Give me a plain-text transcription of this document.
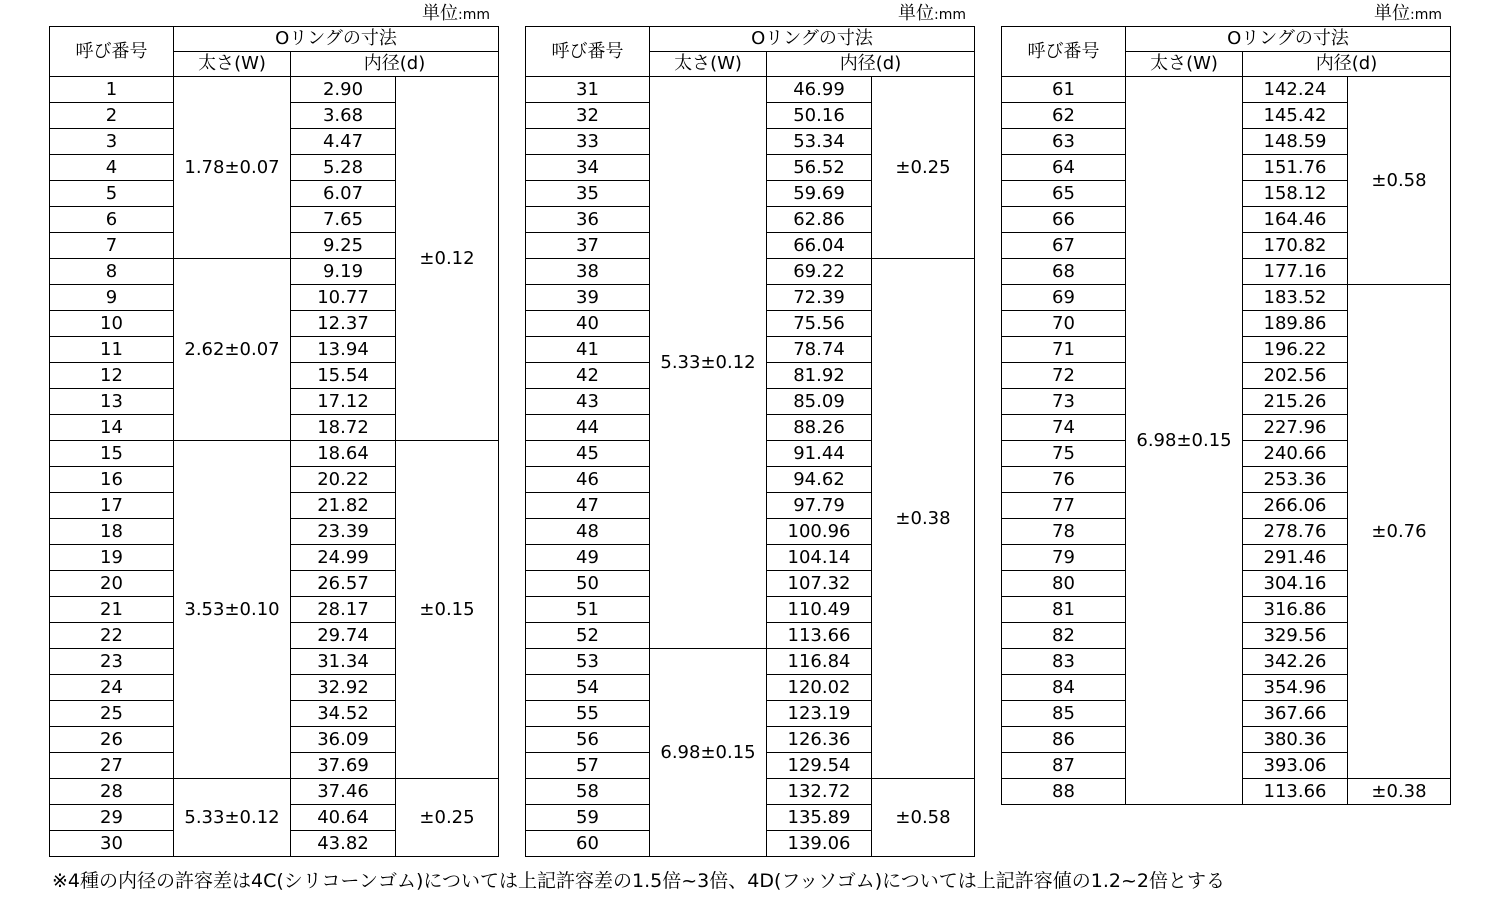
単位:mm	単位:mm	単位:mm
呼び番号	Oリングの寸法		
	太さ(W)	内径(d)	
1	1.78±0.07	2.90	±0.12
2		3.68	
3		4.47	
4		5.28	
5		6.07	
6		7.65	
7		9.25	
8	2.62±0.07	9.19	
9		10.77	
10		12.37	
11		13.94	
12		15.54	
13		17.12	
14		18.72	
15	3.53±0.10	18.64	±0.15
16		20.22	
17		21.82	
18		23.39	
19		24.99	
20		26.57	
21		28.17	
22		29.74	
23		31.34	
24		32.92	
25		34.52	
26		36.09	
27		37.69	
28	5.33±0.12	37.46	±0.25
29		40.64	
30		43.82	
呼び番号	Oリングの寸法		
	太さ(W)	内径(d)	
31	5.33±0.12	46.99	±0.25
32		50.16	
33		53.34	
34		56.52	
35		59.69	
36		62.86	
37		66.04	
38		69.22	±0.38
39		72.39	
40		75.56	
41		78.74	
42		81.92	
43		85.09	
44		88.26	
45		91.44	
46		94.62	
47		97.79	
48		100.96	
49		104.14	
50		107.32	
51		110.49	
52		113.66	
53	6.98±0.15	116.84	
54		120.02	
55		123.19	
56		126.36	
57		129.54	
58		132.72	±0.58
59		135.89	
60		139.06	
呼び番号	Oリングの寸法		
	太さ(W)	内径(d)	
61	6.98±0.15	142.24	±0.58
62		145.42	
63		148.59	
64		151.76	
65		158.12	
66		164.46	
67		170.82	
68		177.16	
69		183.52	±0.76
70		189.86	
71		196.22	
72		202.56	
73		215.26	
74		227.96	
75		240.66	
76		253.36	
77		266.06	
78		278.76	
79		291.46	
80		304.16	
81		316.86	
82		329.56	
83		342.26	
84		354.96	
85		367.66	
86		380.36	
87		393.06	
88		113.66	±0.38
※4種の内径の許容差は4C(シリコーンゴム)については上記許容差の1.5倍~3倍、4D(フッソゴム)については上記許容値の1.2~2倍とする
